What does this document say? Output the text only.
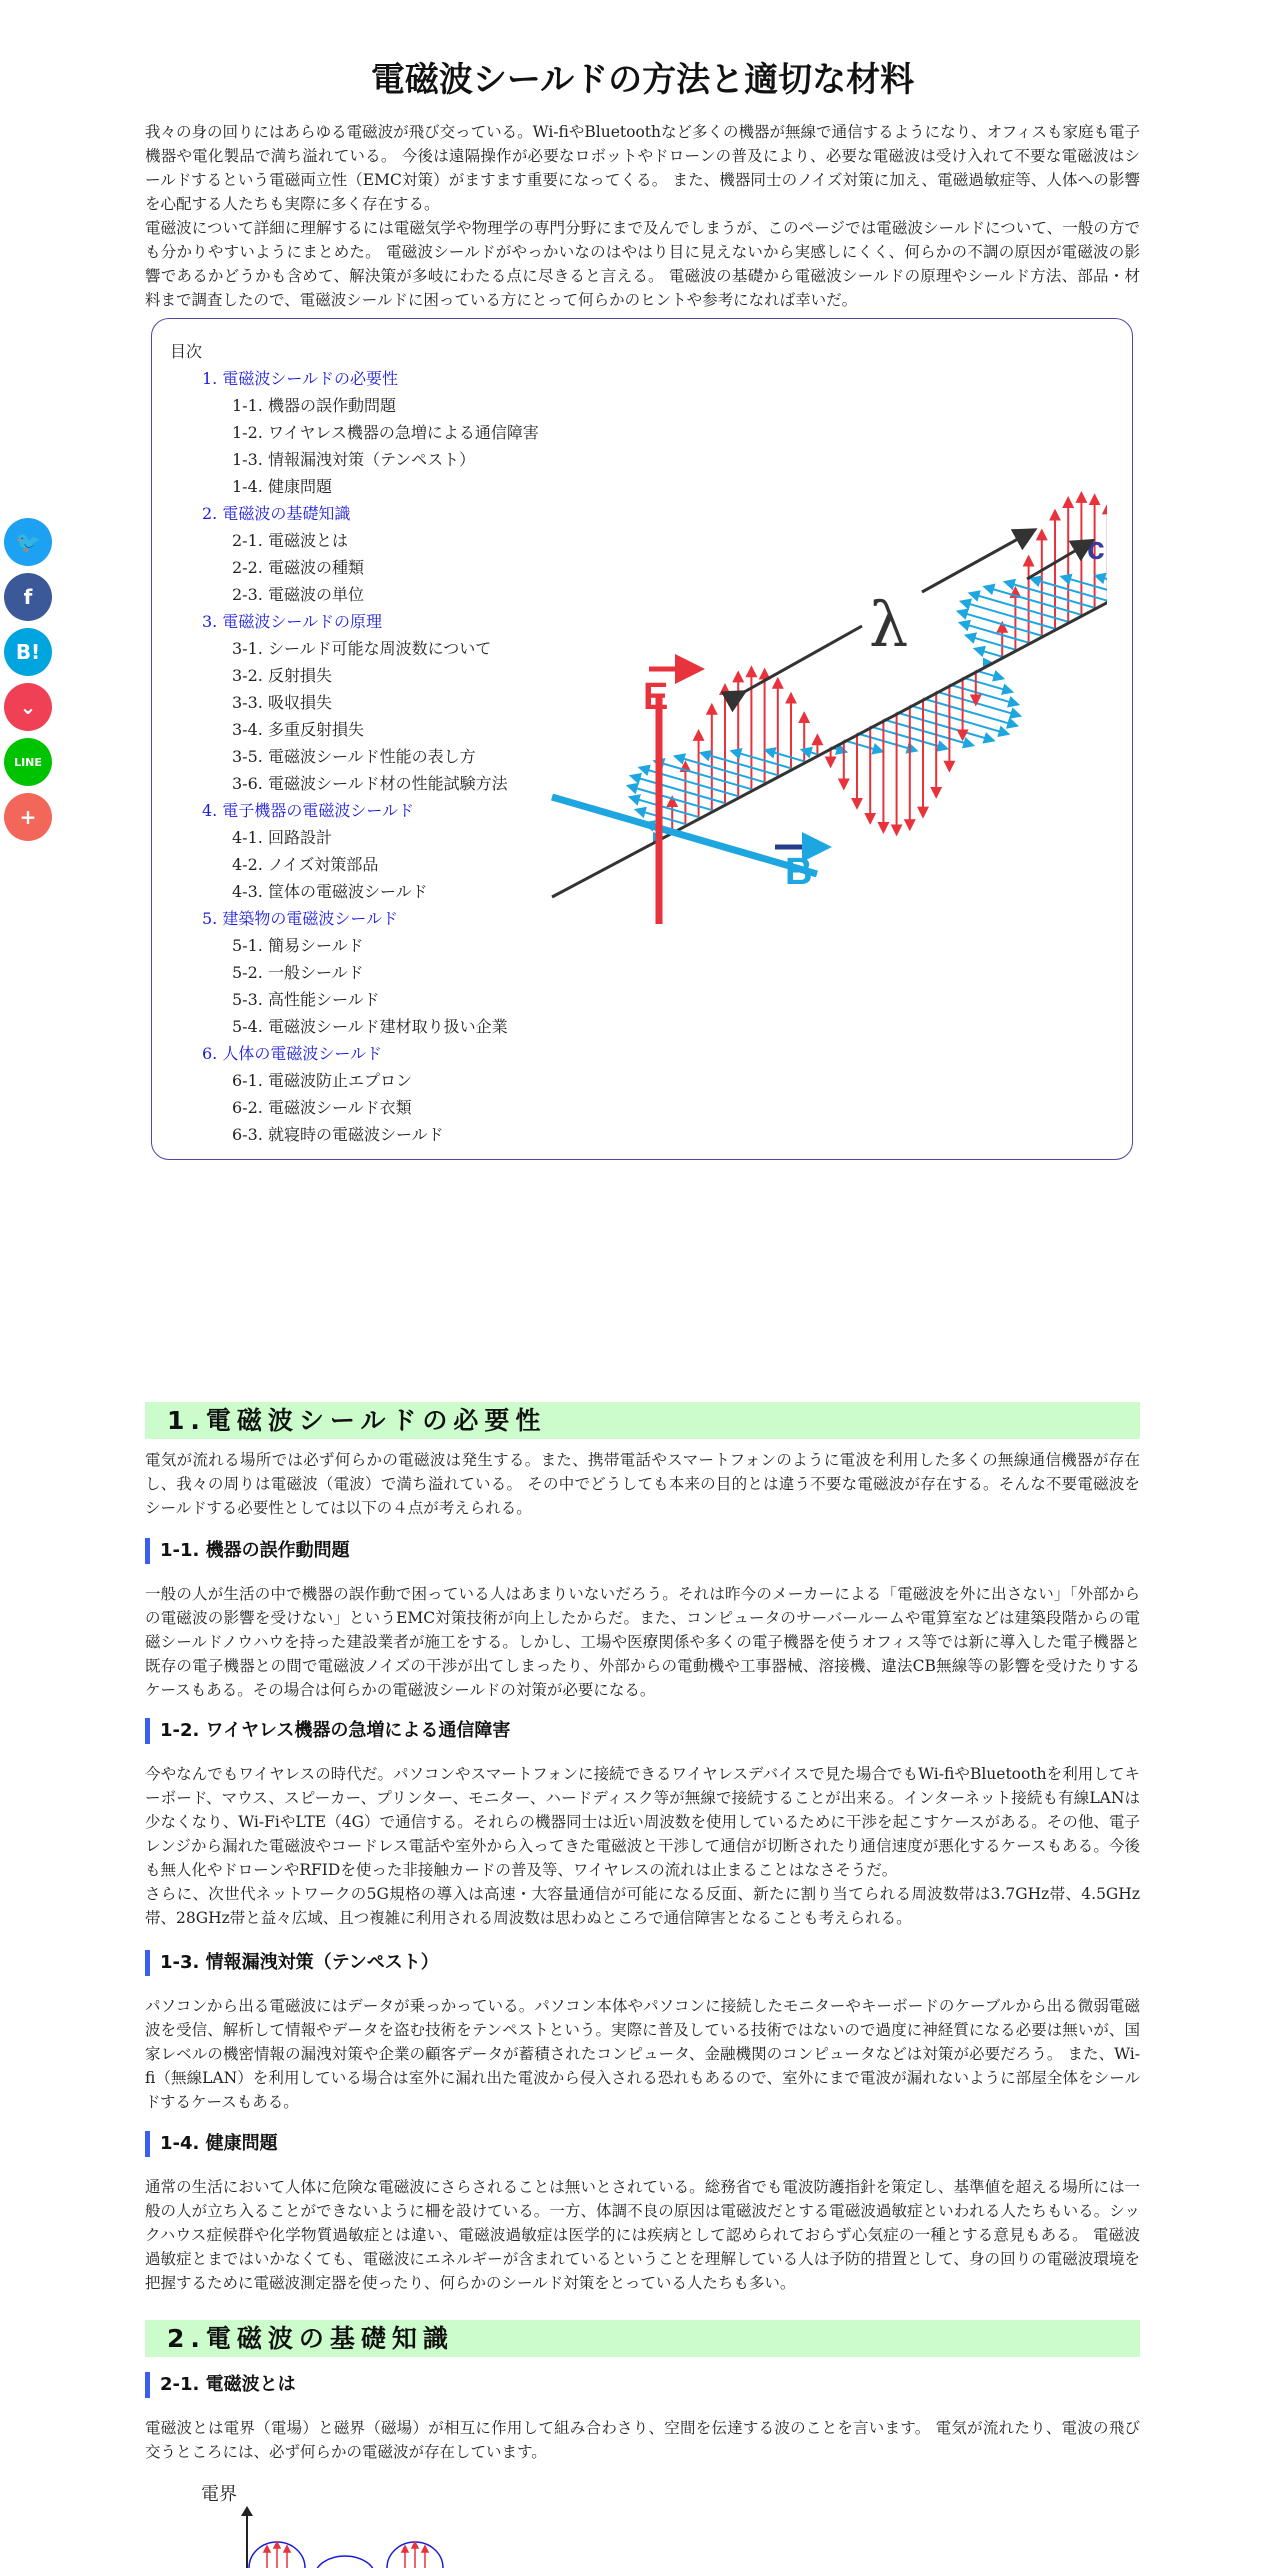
🐦
f
B!
⌄
LINE
+
電磁波シールドの方法と適切な材料

我々の身の回りにはあらゆる電磁波が飛び交っている。Wi-fiやBluetoothなど多くの機器が無線で通信するようになり、オフィスも家庭も電子機器や電化製品で満ち溢れている。 今後は遠隔操作が必要なロボットやドローンの普及により、必要な電磁波は受け入れて不要な電磁波はシールドするという電磁両立性（EMC対策）がますます重要になってくる。 また、機器同士のノイズ対策に加え、電磁過敏症等、人体への影響を心配する人たちも実際に多く存在する。

電磁波について詳細に理解するには電磁気学や物理学の専門分野にまで及んでしまうが、このページでは電磁波シールドについて、一般の方でも分かりやすいようにまとめた。 電磁波シールドがやっかいなのはやはり目に見えないから実感しにくく、何らかの不調の原因が電磁波の影響であるかどうかも含めて、解決策が多岐にわたる点に尽きると言える。 電磁波の基礎から電磁波シールドの原理やシールド方法、部品・材料まで調査したので、電磁波シールドに困っている方にとって何らかのヒントや参考になれば幸いだ。

目次
1. 電磁波シールドの必要性
1-1. 機器の誤作動問題
1-2. ワイヤレス機器の急増による通信障害
1-3. 情報漏洩対策（テンペスト）
1-4. 健康問題
2. 電磁波の基礎知識
2-1. 電磁波とは
2-2. 電磁波の種類
2-3. 電磁波の単位
3. 電磁波シールドの原理
3-1. シールド可能な周波数について
3-2. 反射損失
3-3. 吸収損失
3-4. 多重反射損失
3-5. 電磁波シールド性能の表し方
3-6. 電磁波シールド材の性能試験方法
4. 電子機器の電磁波シールド
4-1. 回路設計
4-2. ノイズ対策部品
4-3. 筐体の電磁波シールド
5. 建築物の電磁波シールド
5-1. 簡易シールド
5-2. 一般シールド
5-3. 高性能シールド
5-4. 電磁波シールド建材取り扱い企業
6. 人体の電磁波シールド
6-1. 電磁波防止エプロン
6-2. 電磁波シールド衣類
6-3. 就寝時の電磁波シールド
E
B
c
λ
1.電磁波シールドの必要性

電気が流れる場所では必ず何らかの電磁波は発生する。また、携帯電話やスマートフォンのように電波を利用した多くの無線通信機器が存在し、我々の周りは電磁波（電波）で満ち溢れている。 その中でどうしても本来の目的とは違う不要な電磁波が存在する。そんな不要電磁波をシールドする必要性としては以下の４点が考えられる。

1-1. 機器の誤作動問題

一般の人が生活の中で機器の誤作動で困っている人はあまりいないだろう。それは昨今のメーカーによる「電磁波を外に出さない」「外部からの電磁波の影響を受けない」というEMC対策技術が向上したからだ。また、コンピュータのサーバールームや電算室などは建築段階からの電磁シールドノウハウを持った建設業者が施工をする。しかし、工場や医療関係や多くの電子機器を使うオフィス等では新に導入した電子機器と既存の電子機器との間で電磁波ノイズの干渉が出てしまったり、外部からの電動機や工事器械、溶接機、違法CB無線等の影響を受けたりするケースもある。その場合は何らかの電磁波シールドの対策が必要になる。

1-2. ワイヤレス機器の急増による通信障害

今やなんでもワイヤレスの時代だ。パソコンやスマートフォンに接続できるワイヤレスデバイスで見た場合でもWi-fiやBluetoothを利用してキーボード、マウス、スピーカー、プリンター、モニター、ハードディスク等が無線で接続することが出来る。インターネット接続も有線LANは少なくなり、Wi-FiやLTE（4G）で通信する。それらの機器同士は近い周波数を使用しているために干渉を起こすケースがある。その他、電子レンジから漏れた電磁波やコードレス電話や室外から入ってきた電磁波と干渉して通信が切断されたり通信速度が悪化するケースもある。今後も無人化やドローンやRFIDを使った非接触カードの普及等、ワイヤレスの流れは止まることはなさそうだ。

さらに、次世代ネットワークの5G規格の導入は高速・大容量通信が可能になる反面、新たに割り当てられる周波数帯は3.7GHz帯、4.5GHz帯、28GHz帯と益々広域、且つ複雑に利用される周波数は思わぬところで通信障害となることも考えられる。

1-3. 情報漏洩対策（テンペスト）

パソコンから出る電磁波にはデータが乗っかっている。パソコン本体やパソコンに接続したモニターやキーボードのケーブルから出る微弱電磁波を受信、解析して情報やデータを盗む技術をテンペストという。実際に普及している技術ではないので過度に神経質になる必要は無いが、国家レベルの機密情報の漏洩対策や企業の顧客データが蓄積されたコンピュータ、金融機関のコンピュータなどは対策が必要だろう。 また、Wi-fi（無線LAN）を利用している場合は室外に漏れ出た電波から侵入される恐れもあるので、室外にまで電波が漏れないように部屋全体をシールドするケースもある。

1-4. 健康問題

通常の生活において人体に危険な電磁波にさらされることは無いとされている。総務省でも電波防護指針を策定し、基準値を超える場所には一般の人が立ち入ることができないように柵を設けている。一方、体調不良の原因は電磁波だとする電磁波過敏症といわれる人たちもいる。シックハウス症候群や化学物質過敏症とは違い、電磁波過敏症は医学的には疾病として認められておらず心気症の一種とする意見もある。 電磁波過敏症とまではいかなくても、電磁波にエネルギーが含まれているということを理解している人は予防的措置として、身の回りの電磁波環境を把握するために電磁波測定器を使ったり、何らかのシールド対策をとっている人たちも多い。

2.電磁波の基礎知識
2-1. 電磁波とは

電磁波とは電界（電場）と磁界（磁場）が相互に作用して組み合わさり、空間を伝達する波のことを言います。 電気が流れたり、電波の飛び交うところには、必ず何らかの電磁波が存在しています。

電界
